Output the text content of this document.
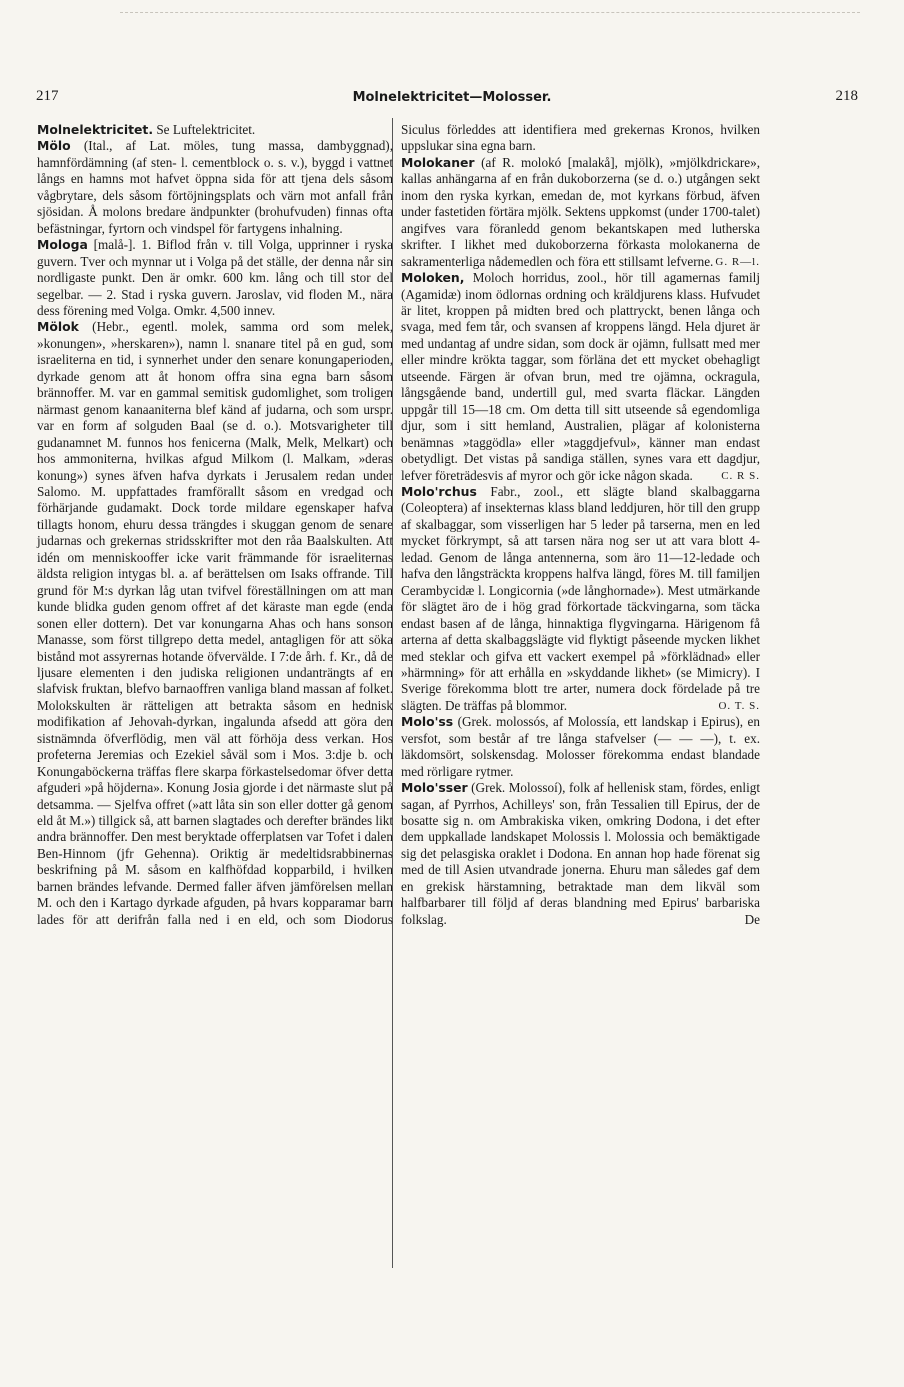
217	Molnelektricitet—Molosser.	218

Molnelektricitet. Se Luftelektricitet.

Mölo (Ital., af Lat. möles, tung massa, dambyggnad), hamnfördämning (af sten- l. cementblock o. s. v.), byggd i vattnet långs en hamns mot hafvet öppna sida för att tjena dels såsom vågbrytare, dels såsom förtöjningsplats och värn mot anfall från sjösidan. Å molons bredare ändpunkter (brohufvuden) finnas ofta befästningar, fyrtorn och vindspel för fartygens inhalning.

Mologa [malå-]. 1. Biflod från v. till Volga, upprinner i ryska guvern. Tver och mynnar ut i Volga på det ställe, der denna når sin nordligaste punkt. Den är omkr. 600 km. lång och till stor del segelbar. — 2. Stad i ryska guvern. Jaroslav, vid floden M., nära dess förening med Volga. Omkr. 4,500 innev.

Mölok (Hebr., egentl. molek, samma ord som melek, »konungen», »herskaren»), namn l. snanare titel på en gud, som israeliterna en tid, i synnerhet under den senare konungaperioden, dyrkade genom att åt honom offra sina egna barn såsom brännoffer. M. var en gammal semitisk gudomlighet, som troligen närmast genom kanaaniterna blef känd af judarna, och som urspr. var en form af solguden Baal (se d. o.). Motsvarigheter till gudanamnet M. funnos hos fenicerna (Malk, Melk, Melkart) och hos ammoniterna, hvilkas afgud Milkom (l. Malkam, »deras konung») synes äfven hafva dyrkats i Jerusalem redan under Salomo. M. uppfattades framförallt såsom en vredgad och förhärjande gudamakt. Dock torde mildare egenskaper hafva tillagts honom, ehuru dessa trängdes i skuggan genom de senare judarnas och grekernas stridsskrifter mot den råa Baalskulten. Att idén om menniskooffer icke varit främmande för israeliternas äldsta religion intygas bl. a. af berättelsen om Isaks offrande. Till grund för M:s dyrkan låg utan tvifvel föreställningen om att man kunde blidka guden genom offret af det käraste man egde (enda sonen eller dottern). Det var konungarna Ahas och hans sonson Manasse, som först tillgrepo detta medel, antagligen för att söka bistånd mot assyrernas hotande öfvervälde. I 7:de årh. f. Kr., då de ljusare elementen i den judiska religionen undanträngts af en slafvisk fruktan, blefvo barnaoffren vanliga bland massan af folket. Molokskulten är rätteligen att betrakta såsom en hednisk modifikation af Jehovah-dyrkan, ingalunda afsedd att göra den sistnämnda öfverflödig, men väl att förhöja dess verkan. Hos profeterna Jeremias och Ezekiel såväl som i Mos. 3:dje b. och Konungaböckerna träffas flere skarpa förkastelsedomar öfver detta afguderi »på höjderna». Konung Josia gjorde i det närmaste slut på detsamma. — Sjelfva offret (»att låta sin son eller dotter gå genom eld åt M.») tillgick så, att barnen slagtades och derefter brändes likt andra brännoffer. Den mest beryktade offerplatsen var Tofet i dalen Ben-Hinnom (jfr Gehenna). Oriktig är medeltidsrabbinernas beskrifning på M. såsom en kalfhöfdad kopparbild, i hvilken barnen brändes lefvande. Dermed faller äfven jämförelsen mellan M. och den i Kartago dyrkade afguden, på hvars kopparamar barn lades för att derifrån falla ned i en eld, och som Diodorus

Siculus förleddes att identifiera med grekernas Kronos, hvilken uppslukar sina egna barn.

Molokaner (af R. molokó [malakå], mjölk), »mjölkdrickare», kallas anhängarna af en från dukoborzerna (se d. o.) utgången sekt inom den ryska kyrkan, emedan de, mot kyrkans förbud, äfven under fastetiden förtära mjölk. Sektens uppkomst (under 1700-talet) angifves vara föranledd genom bekantskapen med lutherska skrifter. I likhet med dukoborzerna förkasta molokanerna de sakramenterliga nådemedlen och föra ett stillsamt lefverne. G. R—l.

Moloken, Moloch horridus, zool., hör till agamernas familj (Agamidæ) inom ödlornas ordning och kräldjurens klass. Hufvudet är litet, kroppen på midten bred och plattryckt, benen långa och svaga, med fem tår, och svansen af kroppens längd. Hela djuret är med undantag af undre sidan, som dock är ojämn, fullsatt med mer eller mindre krökta taggar, som förläna det ett mycket obehagligt utseende. Färgen är ofvan brun, med tre ojämna, ockragula, långsgående band, undertill gul, med svarta fläckar. Längden uppgår till 15—18 cm. Om detta till sitt utseende så egendomliga djur, som i sitt hemland, Australien, plägar af kolonisterna benämnas »taggödla» eller »taggdjefvul», känner man endast obetydligt. Det vistas på sandiga ställen, synes vara ett dagdjur, lefver företrädesvis af myror och gör icke någon skada.	C. R S.

Molo'rchus Fabr., zool., ett slägte bland skalbaggarna (Coleoptera) af insekternas klass bland leddjuren, hör till den grupp af skalbaggar, som visserligen har 5 leder på tarserna, men en led mycket förkrympt, så att tarsen nära nog ser ut att vara blott 4-ledad. Genom de långa antennerna, som äro 11—12-ledade och hafva den långsträckta kroppens halfva längd, föres M. till familjen Cerambycidæ l. Longicornia (»de långhornade»). Mest utmärkande för slägtet äro de i hög grad förkortade täckvingarna, som täcka endast basen af de långa, hinnaktiga flygvingarna. Härigenom få arterna af detta skalbaggslägte vid flyktigt påseende mycken likhet med steklar och gifva ett vackert exempel på »förklädnad» eller »härmning» för att erhålla en »skyddande likhet» (se Mimicry). I Sverige förekomma blott tre arter, numera dock fördelade på tre slägten. De träffas på blommor.	O. T. S.

Molo'ss (Grek. molossós, af Molossía, ett landskap i Epirus), en versfot, som består af tre långa stafvelser (— — —), t. ex. läkdomsört, solskensdag. Molosser förekomma endast blandade med rörligare rytmer.

Molo'sser (Grek. Molossoí), folk af hellenisk stam, fördes, enligt sagan, af Pyrrhos, Achilleys' son, från Tessalien till Epirus, der de bosatte sig n. om Ambrakiska viken, omkring Dodona, i det efter dem uppkallade landskapet Molossis l. Molossia och bemäktigade sig det pelasgiska oraklet i Dodona. En annan hop hade förenat sig med de till Asien utvandrade jonerna. Ehuru man således gaf dem en grekisk härstamning, betraktade man dem likväl som halfbarbarer till följd af deras blandning med Epirus' barbariska folkslag. De
